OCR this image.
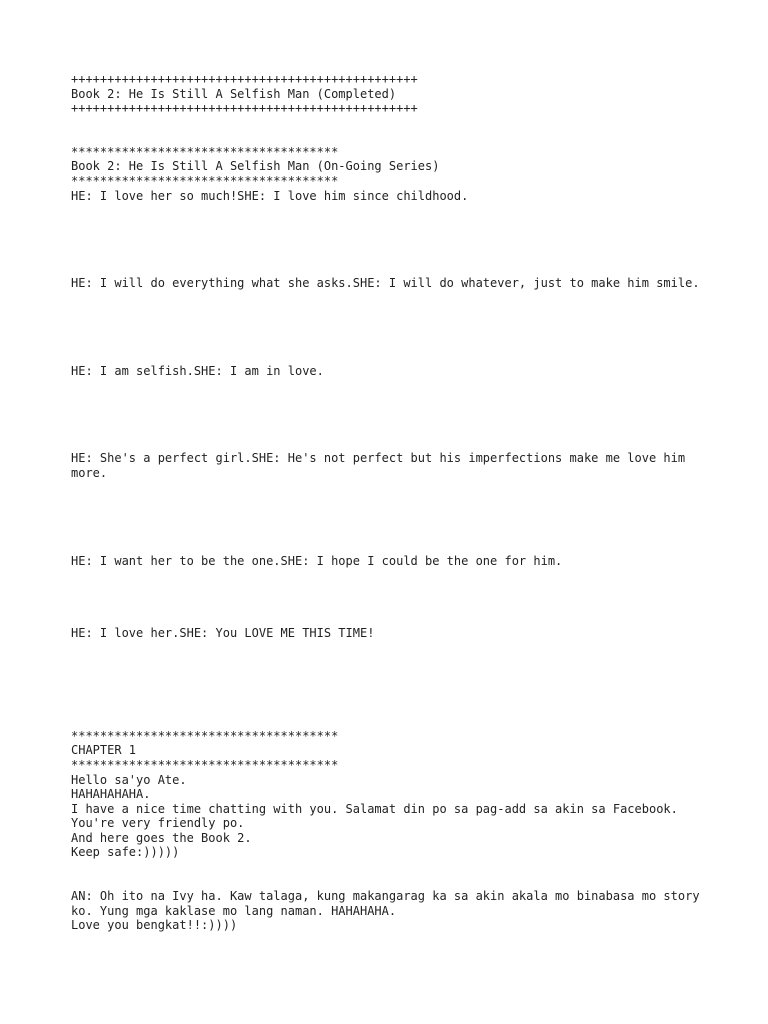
++++++++++++++++++++++++++++++++++++++++++++++++
Book 2: He Is Still A Selfish Man (Completed)
++++++++++++++++++++++++++++++++++++++++++++++++
*************************************
Book 2: He Is Still A Selfish Man (On-Going Series)
*************************************
HE: I love her so much!SHE: I love him since childhood.
HE: I will do everything what she asks.SHE: I will do whatever, just to make him smile.
HE: I am selfish.SHE: I am in love.
HE: She's a perfect girl.SHE: He's not perfect but his imperfections make me love him more.
HE: I want her to be the one.SHE: I hope I could be the one for him.
HE: I love her.SHE: You LOVE ME THIS TIME!
*************************************
CHAPTER 1
*************************************
Hello sa'yo Ate.
HAHAHAHAHA.
I have a nice time chatting with you. Salamat din po sa pag-add sa akin sa Facebook.
You're very friendly po.
And here goes the Book 2.
Keep safe:)))))
AN: Oh ito na Ivy ha. Kaw talaga, kung makangarag ka sa akin akala mo binabasa mo story ko. Yung mga kaklase mo lang naman. HAHAHAHA.
Love you bengkat!!:))))
